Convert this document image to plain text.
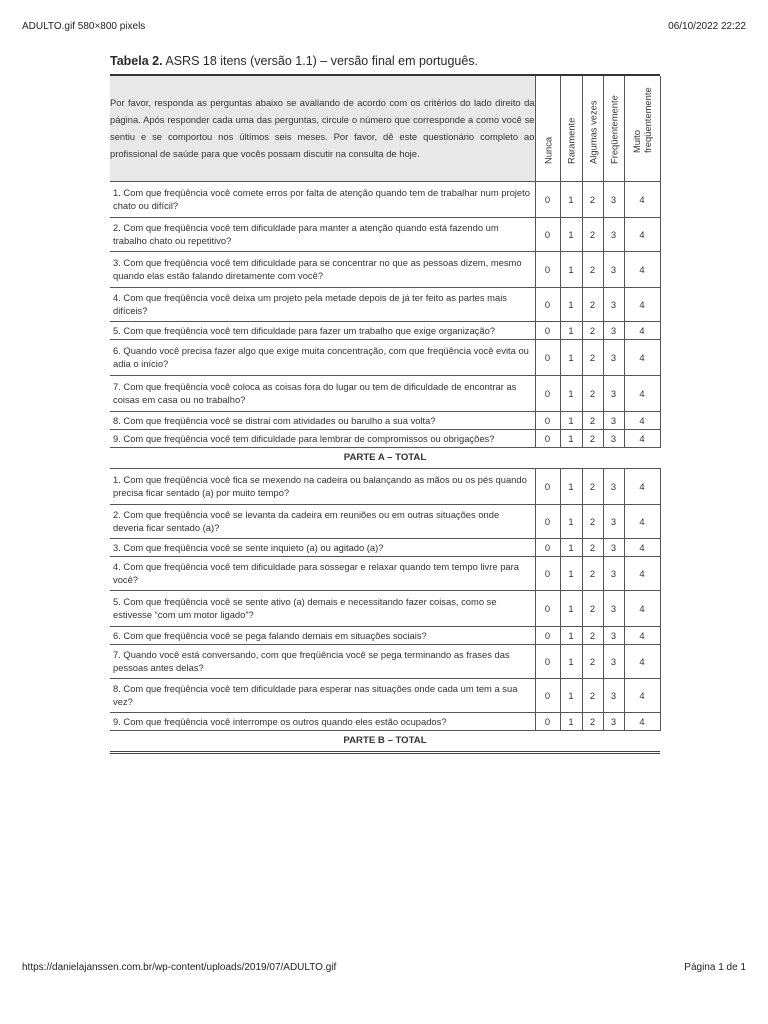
ADULTO.gif 580×800 pixels	06/10/2022 22:22
Tabela 2. ASRS 18 itens (versão 1.1) – versão final em português.
Por favor, responda as perguntas abaixo se avaliando de acordo com os critérios do lado direito da página. Após responder cada uma das perguntas, circule o número que corresponde a como você se sentiu e se comportou nos últimos seis meses. Por favor, dê este questionário completo ao profissional de saúde para que vocês possam discutir na consulta de hoje.	Nunca	Raramente	Algumas vezes	Freqüentemente	Muito freqüentemente

1. Com que freqüência você comete erros por falta de atenção quando tem de trabalhar num projeto chato ou difícil?	0	1	2	3	4
2. Com que freqüência você tem dificuldade para manter a atenção quando está fazendo um trabalho chato ou repetitivo?	0	1	2	3	4
3. Com que freqüência você tem dificuldade para se concentrar no que as pessoas dizem, mesmo quando elas estão falando diretamente com você?	0	1	2	3	4
4. Com que freqüência você deixa um projeto pela metade depois de já ter feito as partes mais difíceis?	0	1	2	3	4
5. Com que freqüência você tem dificuldade para fazer um trabalho que exige organização?	0	1	2	3	4
6. Quando você precisa fazer algo que exige muita concentração, com que freqüência você evita ou adia o início?	0	1	2	3	4
7. Com que freqüência você coloca as coisas fora do lugar ou tem de dificuldade de encontrar as coisas em casa ou no trabalho?	0	1	2	3	4
8. Com que freqüência você se distrai com atividades ou barulho a sua volta?	0	1	2	3	4
9. Com que freqüência você tem dificuldade para lembrar de compromissos ou obrigações?	0	1	2	3	4
PARTE A – TOTAL					
1. Com que freqüência você fica se mexendo na cadeira ou balançando as mãos ou os pés quando precisa ficar sentado (a) por muito tempo?	0	1	2	3	4
2. Com que freqüência você se levanta da cadeira em reuniões ou em outras situações onde deveria ficar sentado (a)?	0	1	2	3	4
3. Com que freqüência você se sente inquieto (a) ou agitado (a)?	0	1	2	3	4
4. Com que freqüência você tem dificuldade para sossegar e relaxar quando tem tempo livre para você?	0	1	2	3	4
5. Com que freqüência você se sente ativo (a) demais e necessitando fazer coisas, como se estivesse “com um motor ligado”?	0	1	2	3	4
6. Com que freqüência você se pega falando demais em situações sociais?	0	1	2	3	4
7. Quando você está conversando, com que freqüência você se pega terminando as frases das pessoas antes delas?	0	1	2	3	4
8. Com que freqüência você tem dificuldade para esperar nas situações onde cada um tem a sua vez?	0	1	2	3	4
9. Com que freqüência você interrompe os outros quando eles estão ocupados?	0	1	2	3	4
PARTE B – TOTAL					
https://danielajanssen.com.br/wp-content/uploads/2019/07/ADULTO.gif	Página 1 de 1
